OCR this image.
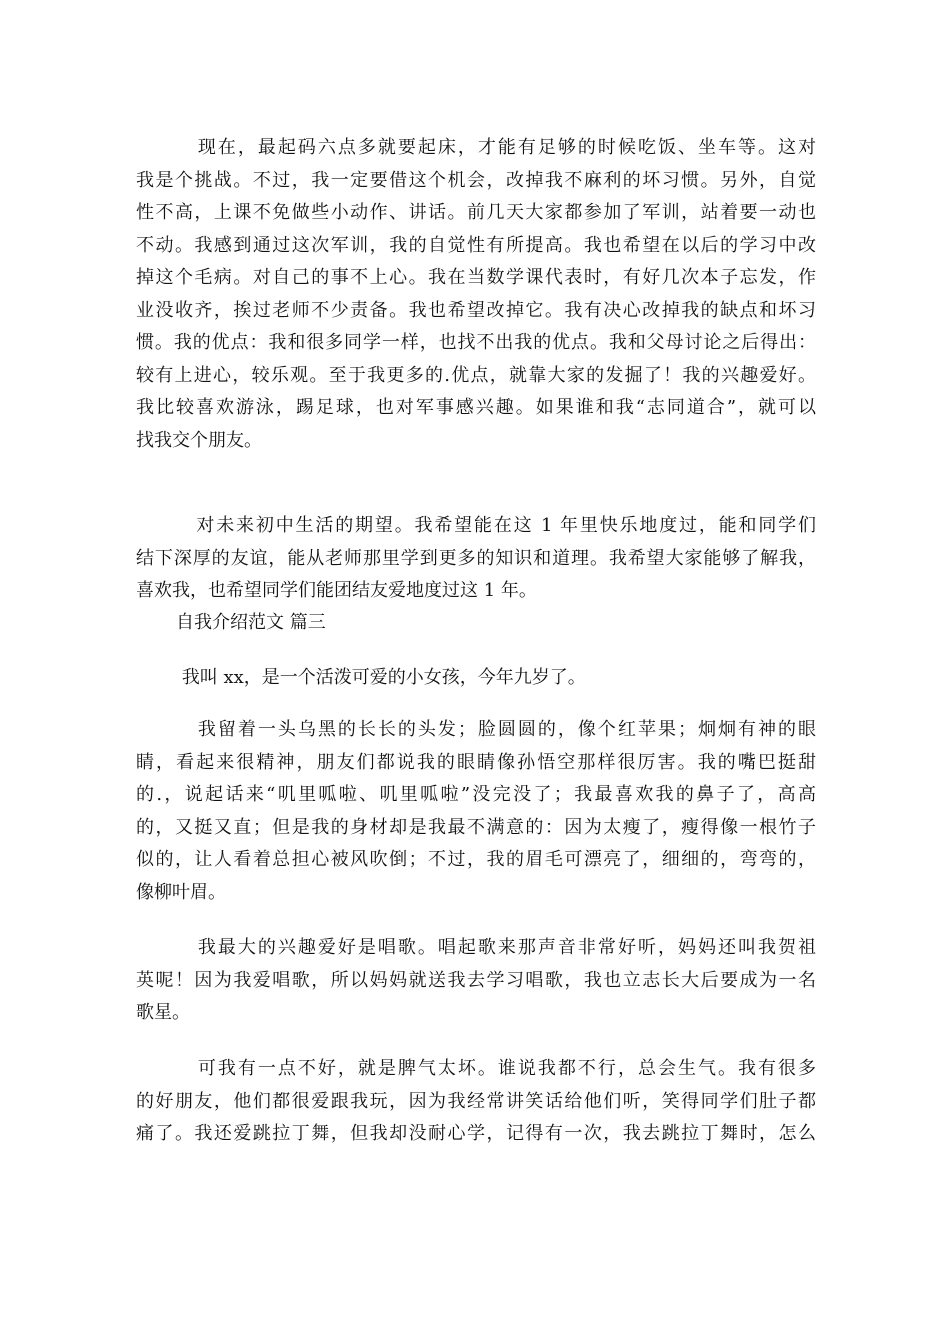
现在，最起码六点多就要起床，才能有足够的时候吃饭、坐车等。这对
我是个挑战。不过，我一定要借这个机会，改掉我不麻利的坏习惯。另外，自觉
性不高，上课不免做些小动作、讲话。前几天大家都参加了军训，站着要一动也
不动。我感到通过这次军训，我的自觉性有所提高。我也希望在以后的学习中改
掉这个毛病。对自己的事不上心。我在当数学课代表时，有好几次本子忘发，作
业没收齐，挨过老师不少责备。我也希望改掉它。我有决心改掉我的缺点和坏习
惯。我的优点：我和很多同学一样，也找不出我的优点。我和父母讨论之后得出：
较有上进心，较乐观。至于我更多的.优点，就靠大家的发掘了！我的兴趣爱好。
我比较喜欢游泳，踢足球，也对军事感兴趣。如果谁和我“志同道合”，就可以
找我交个朋友。
对未来初中生活的期望。我希望能在这 1 年里快乐地度过，能和同学们
结下深厚的友谊，能从老师那里学到更多的知识和道理。我希望大家能够了解我，
喜欢我，也希望同学们能团结友爱地度过这 1 年。
自我介绍范文 篇三
我叫 xx，是一个活泼可爱的小女孩，今年九岁了。
我留着一头乌黑的长长的头发；脸圆圆的，像个红苹果；炯炯有神的眼
睛，看起来很精神，朋友们都说我的眼睛像孙悟空那样很厉害。我的嘴巴挺甜
的.，说起话来“叽里呱啦、叽里呱啦”没完没了；我最喜欢我的鼻子了，高高
的，又挺又直；但是我的身材却是我最不满意的：因为太瘦了，瘦得像一根竹子
似的，让人看着总担心被风吹倒；不过，我的眉毛可漂亮了，细细的，弯弯的，
像柳叶眉。
我最大的兴趣爱好是唱歌。唱起歌来那声音非常好听，妈妈还叫我贺祖
英呢！因为我爱唱歌，所以妈妈就送我去学习唱歌，我也立志长大后要成为一名
歌星。
可我有一点不好，就是脾气太坏。谁说我都不行，总会生气。我有很多
的好朋友，他们都很爱跟我玩，因为我经常讲笑话给他们听，笑得同学们肚子都
痛了。我还爱跳拉丁舞，但我却没耐心学，记得有一次，我去跳拉丁舞时，怎么
